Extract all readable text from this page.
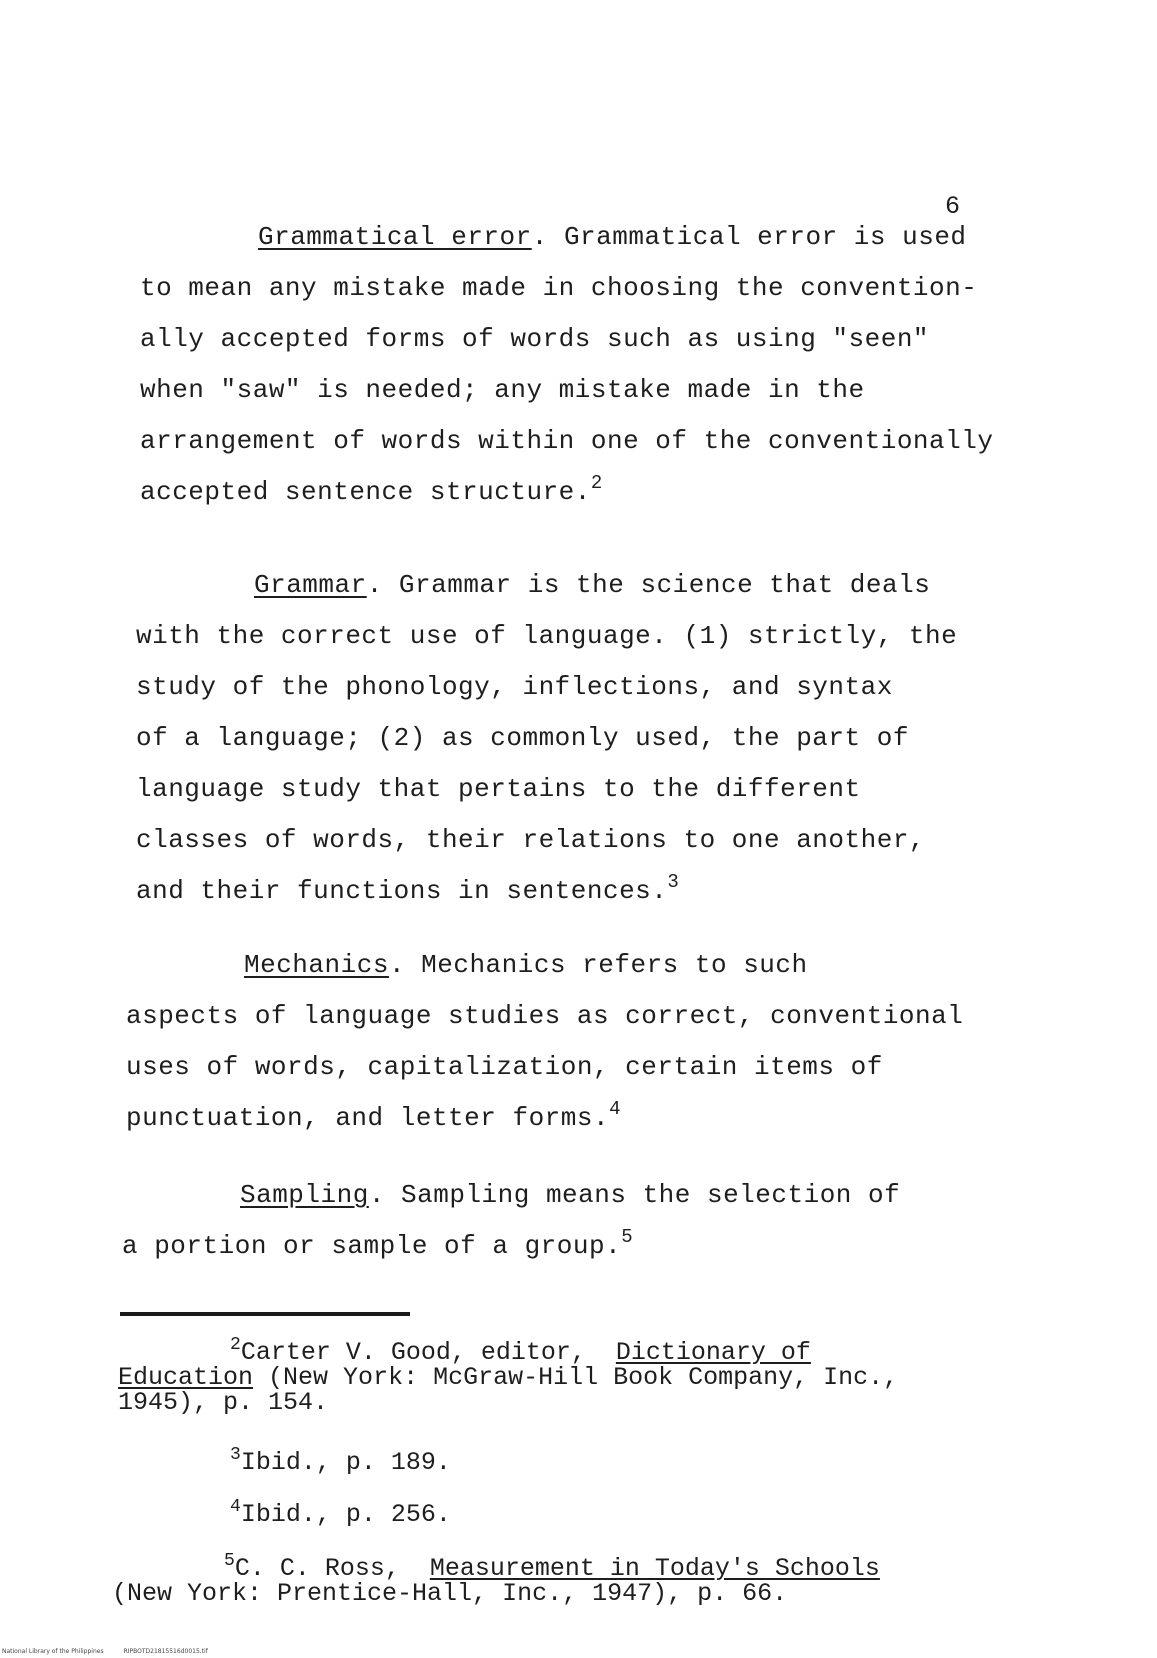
6
Grammatical error. Grammatical error is used
to mean any mistake made in choosing the convention-
ally accepted forms of words such as using "seen"
when "saw" is needed; any mistake made in the
arrangement of words within one of the conventionally
accepted sentence structure.$^2$
Grammar. Grammar is the science that deals
with the correct use of language. (1) strictly, the
study of the phonology, inflections, and syntax
of a language; (2) as commonly used, the part of
language study that pertains to the different
classes of words, their relations to one another,
and their functions in sentences.$^3$
Mechanics. Mechanics refers to such
aspects of language studies as correct, conventional
uses of words, capitalization, certain items of
punctuation, and letter forms.$^4$
Sampling. Sampling means the selection of
a portion or sample of a group.$^5$
$^2$Carter V. Good, editor, Dictionary of
Education (New York: McGraw-Hill Book Company, Inc.,
1945), p. 154.
$^3$Ibid., p. 189.
$^4$Ibid., p. 256.
$^5$C. C. Ross, Measurement in Today's Schools
(New York: Prentice-Hall, Inc., 1947), p. 66.
National Library of the Philippines	RIPBOTD21815516d0015.tif
